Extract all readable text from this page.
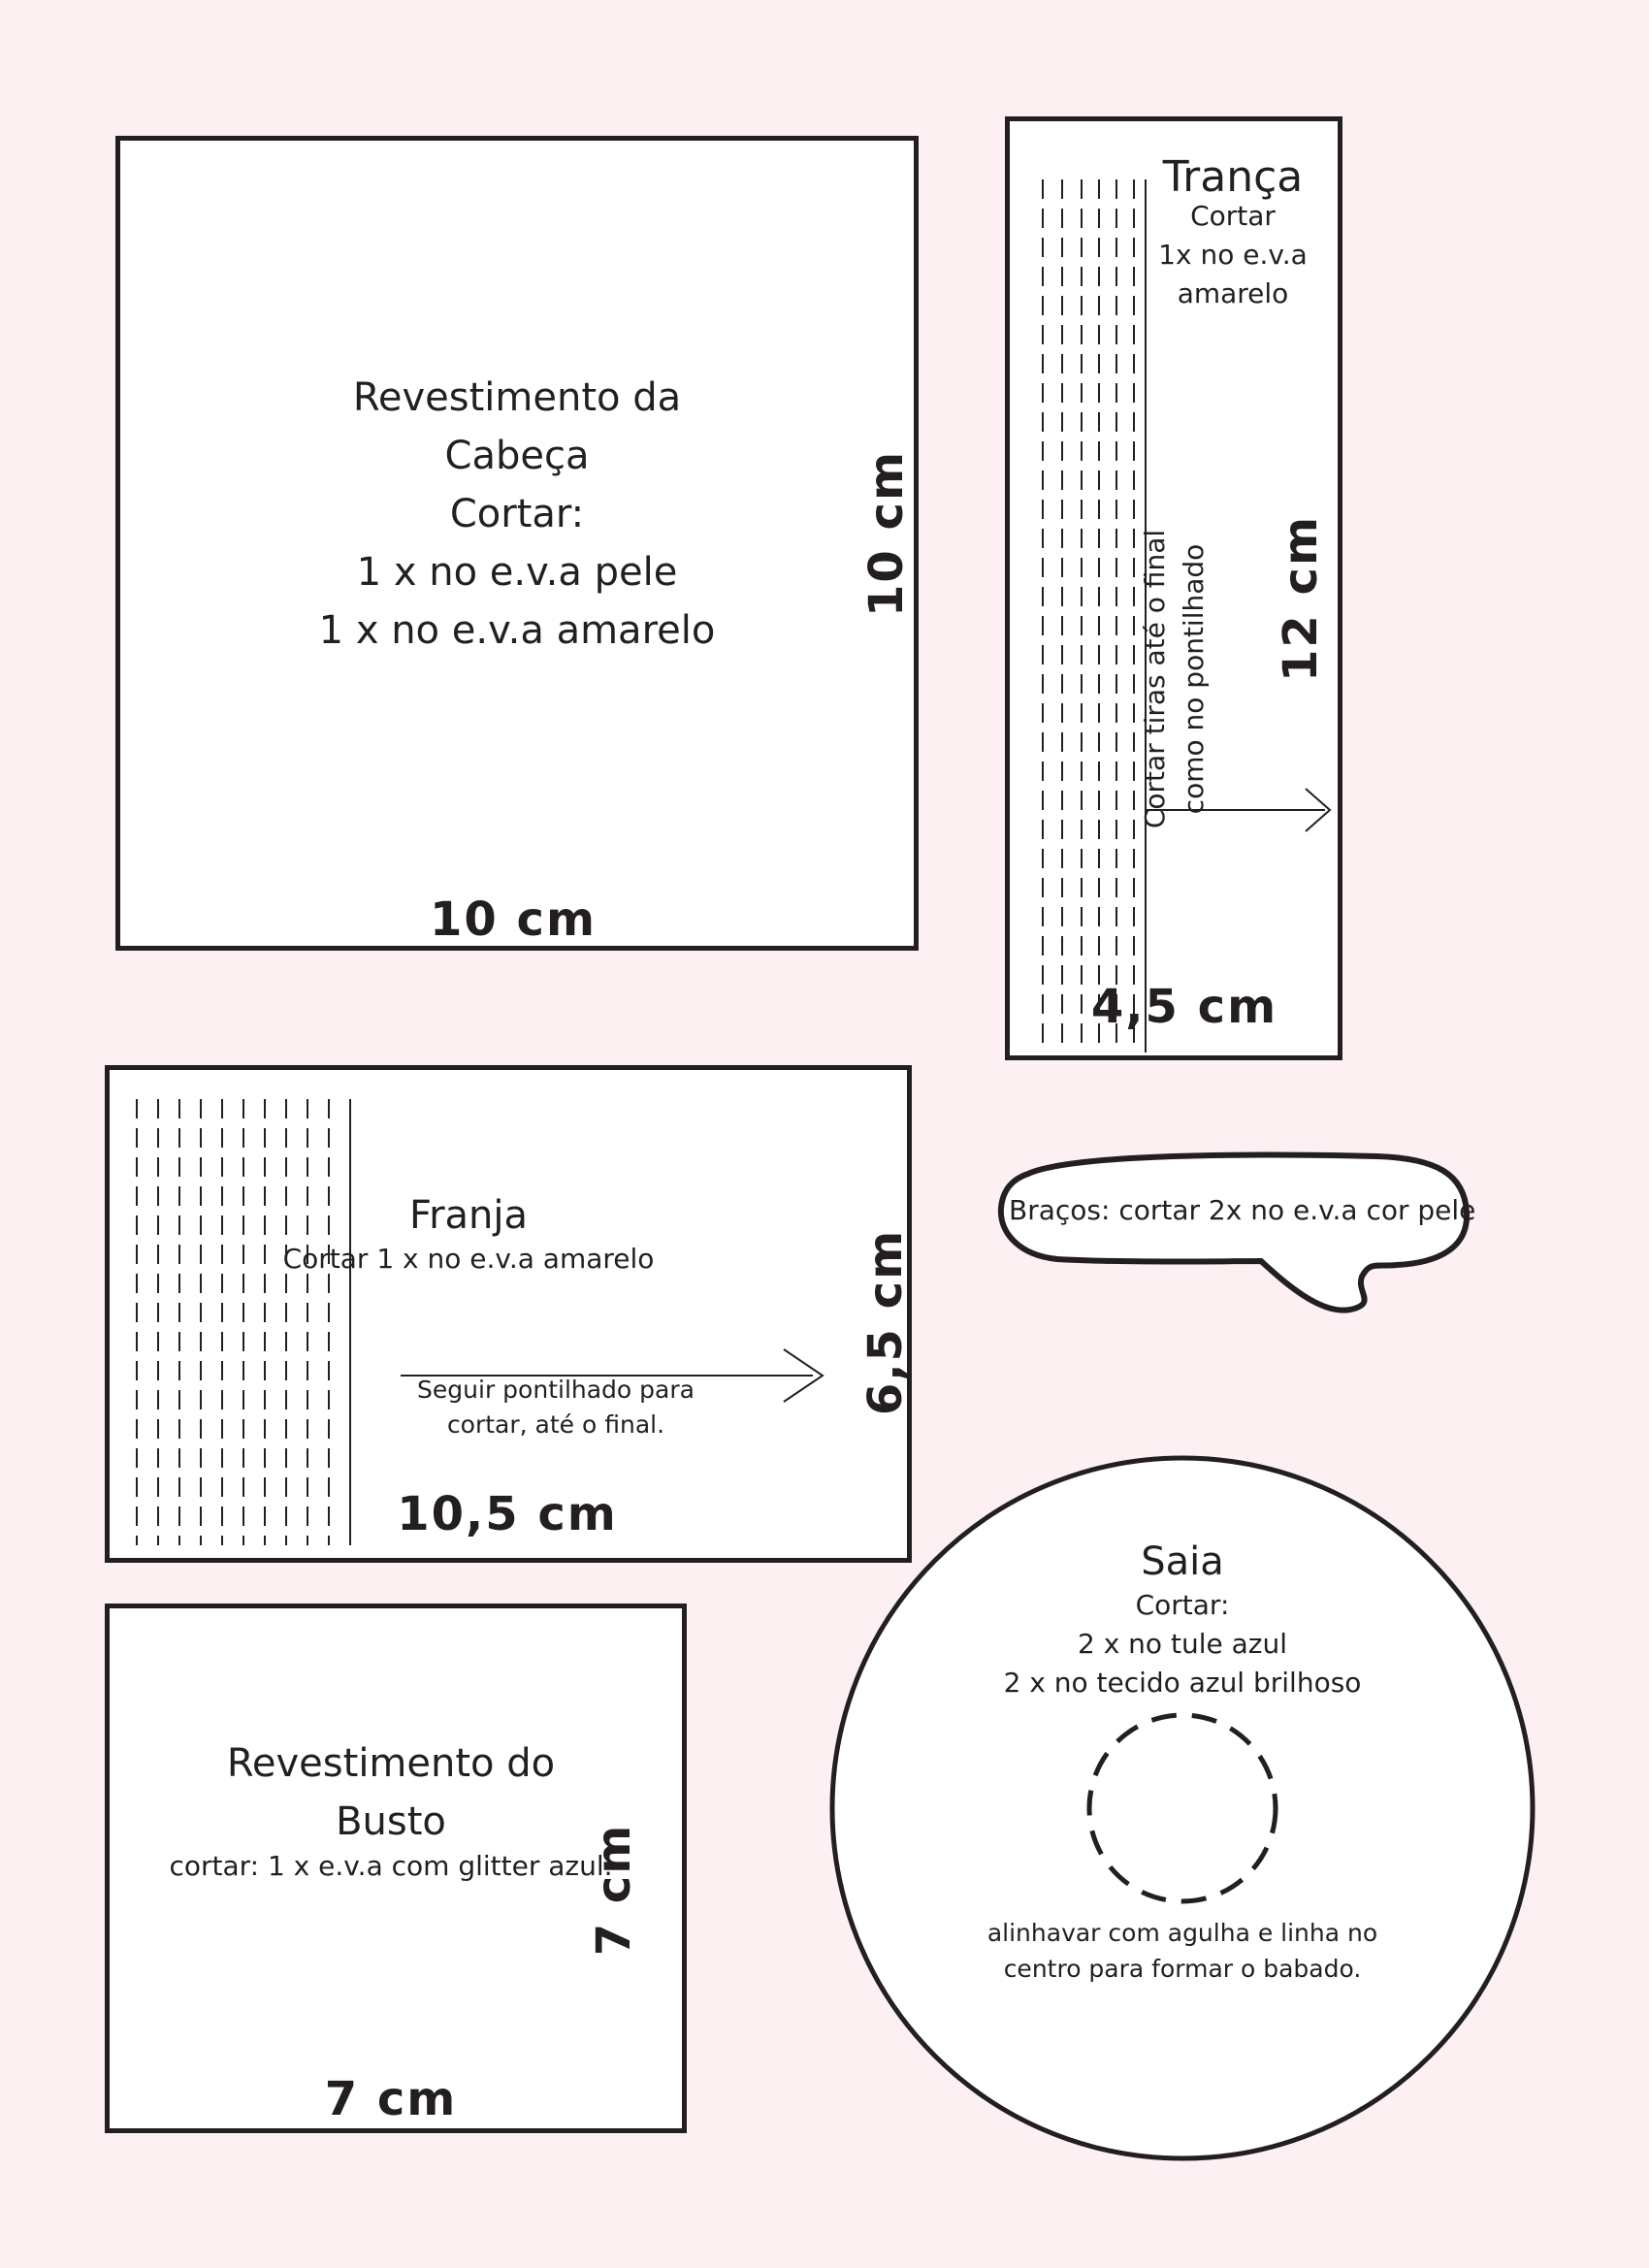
Revestimento da
Cabeça
Cortar:
1 x no e.v.a pele
1 x no e.v.a amarelo
10 cm
10 cm
Trança
Cortar
1x no e.v.a
amarelo
Cortar tiras até o final como no pontilhado
4,5 cm
12 cm
Franja
Cortar 1 x no e.v.a amarelo
Seguir pontilhado para
cortar, até o final.
10,5 cm
6,5 cm
Braços: cortar 2x no e.v.a cor pele
Revestimento do
Busto
cortar: 1 x e.v.a com glitter azul.
7 cm
7 cm
Saia
Cortar:
2 x no tule azul
2 x no tecido azul brilhoso
alinhavar com agulha e linha no
centro para formar o babado.
